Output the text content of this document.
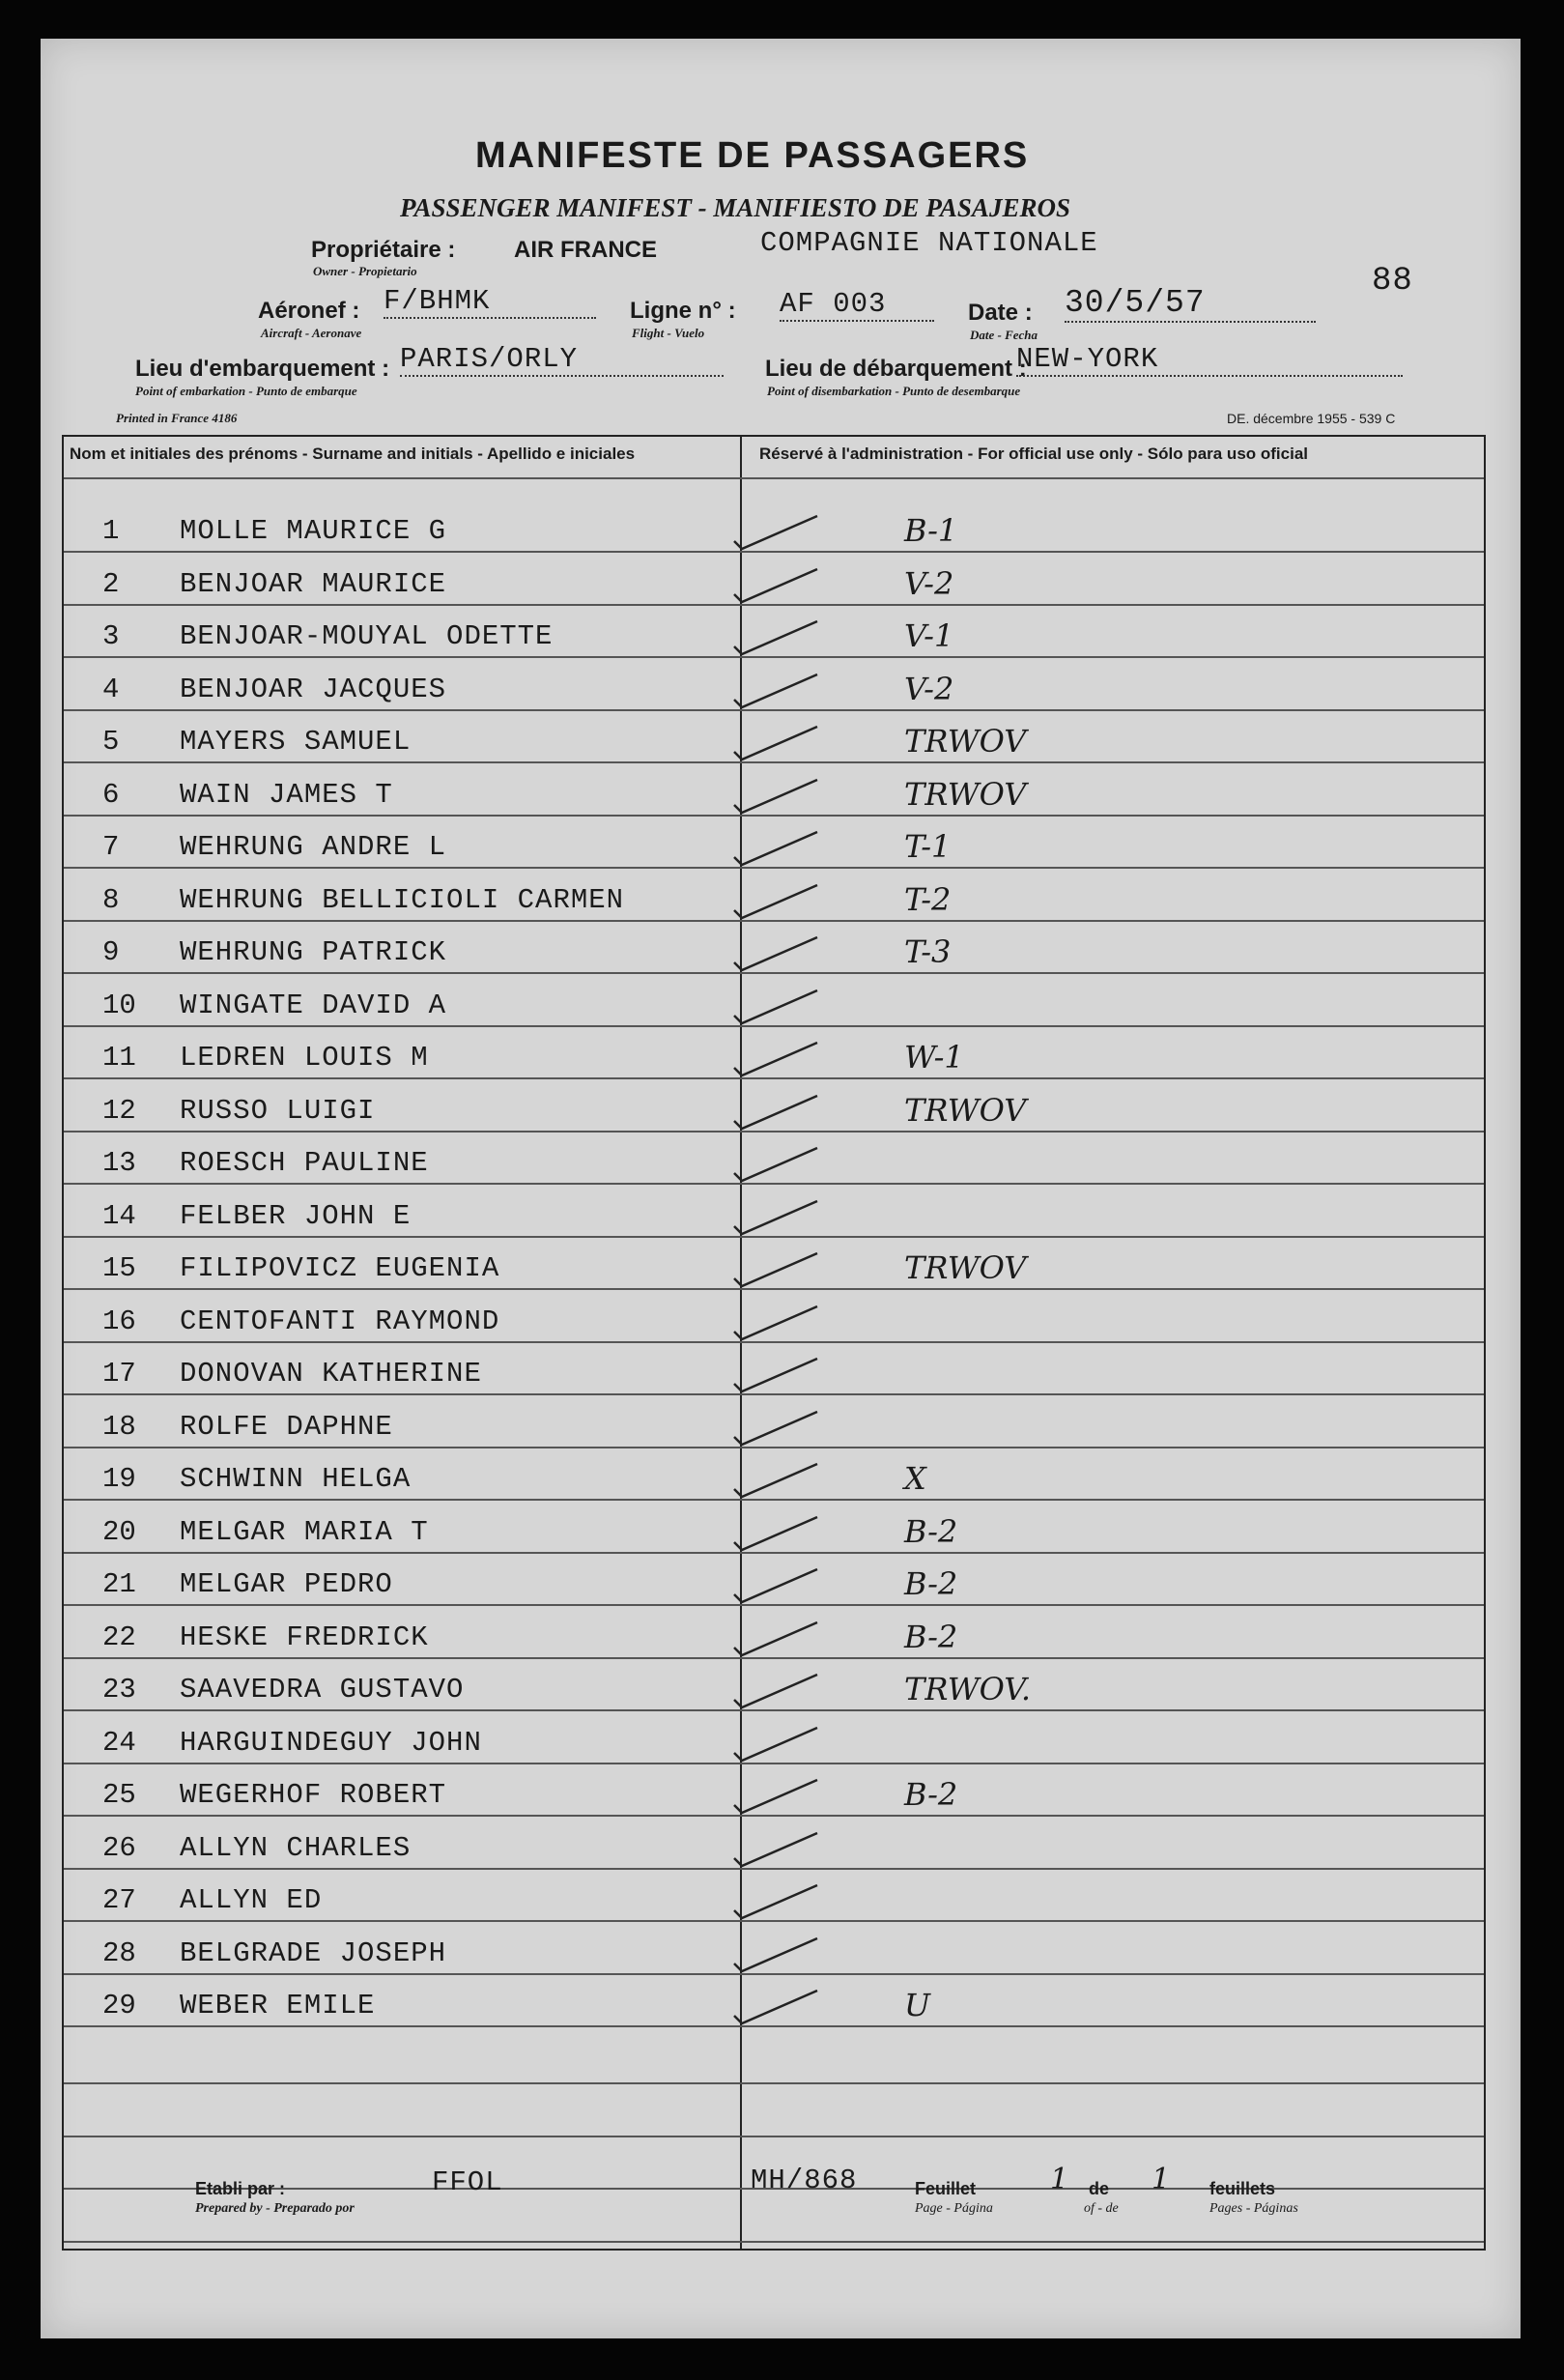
MANIFESTE DE PASSAGERS
PASSENGER MANIFEST - MANIFIESTO DE PASAJEROS
Propriétaire :	AIR FRANCE
Owner - Propietario
COMPAGNIE NATIONALE
88
Aéronef :
Aircraft - Aeronave
F/BHMK	Ligne n° :
Flight - Vuelo
AF 003	Date :
Date - Fecha
30/5/57
Lieu d'embarquement :
Point of embarkation - Punto de embarque
PARIS/ORLY	Lieu de débarquement :
Point of disembarkation - Punto de desembarque
NEW-YORK
Printed in France 4186	DE. décembre 1955 - 539 C
Nom et initiales des prénoms - Surname and initials - Apellido e iniciales	Réservé à l'administration - For official use only - Sólo para uso oficial
1	MOLLE MAURICE G	B-1
2	BENJOAR MAURICE	V-2
3	BENJOAR-MOUYAL ODETTE	V-1
4	BENJOAR JACQUES	V-2
5	MAYERS SAMUEL	TRWOV
6	WAIN JAMES T	TRWOV
7	WEHRUNG ANDRE L	T-1
8	WEHRUNG BELLICIOLI CARMEN	T-2
9	WEHRUNG PATRICK	T-3
10	WINGATE DAVID A
11	LEDREN LOUIS M	W-1
12	RUSSO LUIGI	TRWOV
13	ROESCH PAULINE
14	FELBER JOHN E
15	FILIPOVICZ EUGENIA	TRWOV
16	CENTOFANTI RAYMOND
17	DONOVAN KATHERINE
18	ROLFE DAPHNE
19	SCHWINN HELGA	X
20	MELGAR MARIA T	B-2
21	MELGAR PEDRO	B-2
22	HESKE FREDRICK	B-2
23	SAAVEDRA GUSTAVO	TRWOV.
24	HARGUINDEGUY JOHN
25	WEGERHOF ROBERT	B-2
26	ALLYN CHARLES
27	ALLYN ED
28	BELGRADE JOSEPH
29	WEBER EMILE	U
Etabli par :
Prepared by - Preparado por
FFOL	MH/868	Feuillet	1 de 1 feuillets
Page - Página	of - de	Pages - Páginas
